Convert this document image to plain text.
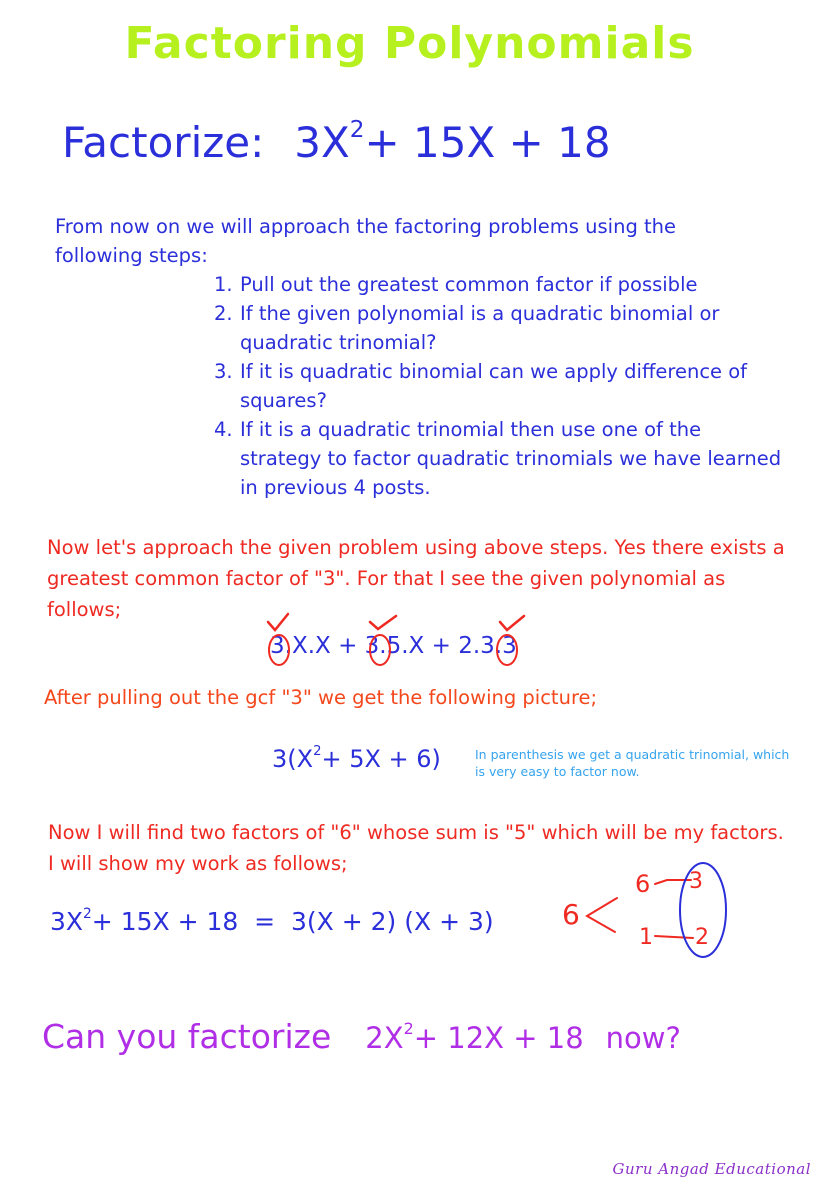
Factoring Polynomials
Factorize: $3X^2+ 15X + 18$
From now on we will approach the factoring problems using the following steps:
1. Pull out the greatest common factor if possible
2. If the given polynomial is a quadratic binomial or quadratic trinomial?
3. If it is quadratic binomial can we apply difference of squares?
4. If it is a quadratic trinomial then use one of the strategy to factor quadratic trinomials we have learned in previous 4 posts.
Now let's approach the given problem using above steps. Yes there exists a greatest common factor of "3". For that I see the given polynomial as follows;
3.X.X + 3.5.X + 2.3.3
After pulling out the gcf "3" we get the following picture;
$3(X^2+ 5X + 6)$	In parenthesis we get a quadratic trinomial, which is very easy to factor now.
Now I will find two factors of "6" whose sum is "5" which will be my factors. I will show my work as follows;
$3X^2+ 15X + 18 = 3(X + 2) (X + 3)$ 6
6 3
1 2
Can you factorize $2X^2+ 12X + 18$ now?
Guru Angad Educational
